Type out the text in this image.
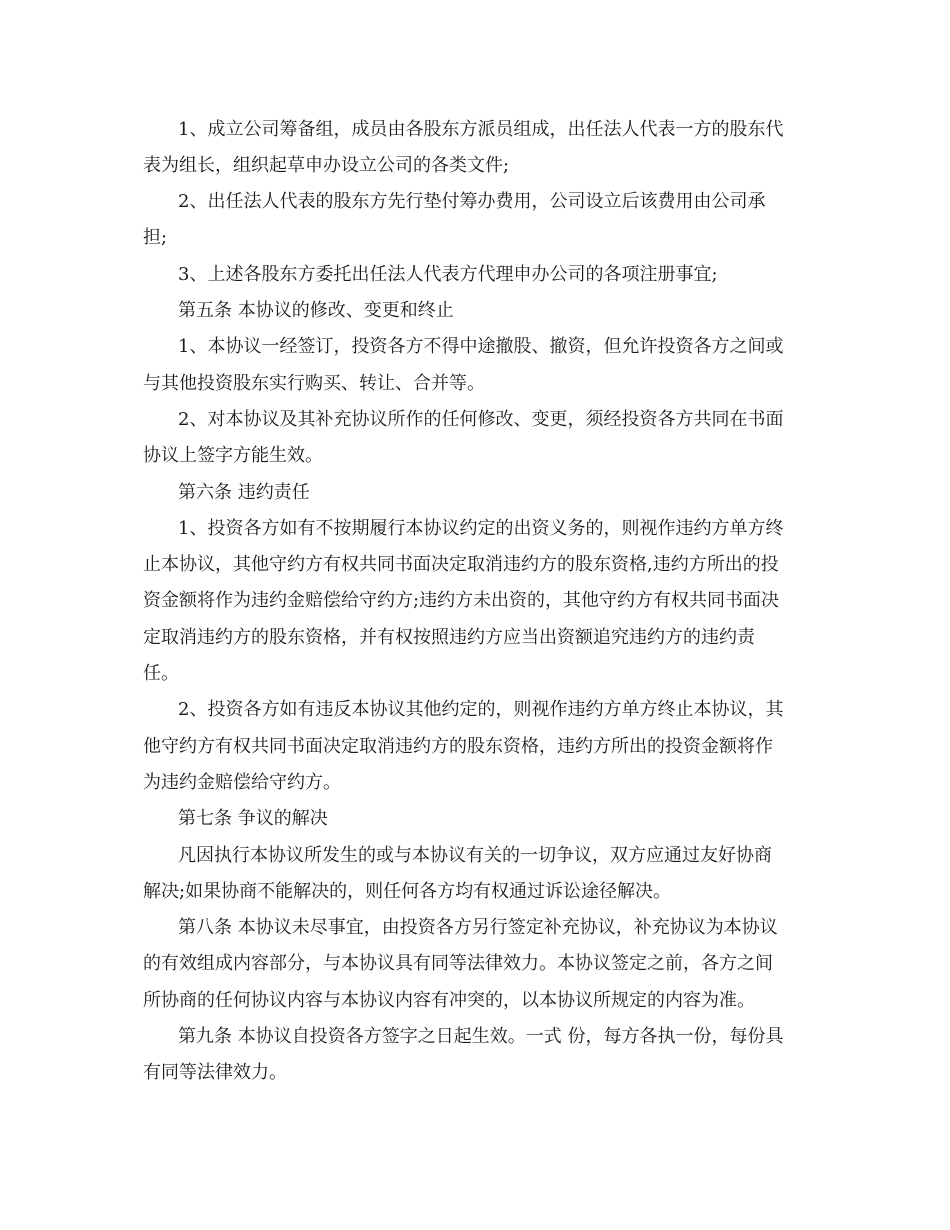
1、成立公司筹备组，成员由各股东方派员组成，出任法人代表一方的股东代

表为组长，组织起草申办设立公司的各类文件;

2、出任法人代表的股东方先行垫付筹办费用，公司设立后该费用由公司承

担;

3、上述各股东方委托出任法人代表方代理申办公司的各项注册事宜;

第五条 本协议的修改、变更和终止

1、本协议一经签订，投资各方不得中途撤股、撤资，但允许投资各方之间或

与其他投资股东实行购买、转让、合并等。

2、对本协议及其补充协议所作的任何修改、变更，须经投资各方共同在书面

协议上签字方能生效。

第六条 违约责任

1、投资各方如有不按期履行本协议约定的出资义务的，则视作违约方单方终

止本协议，其他守约方有权共同书面决定取消违约方的股东资格,违约方所出的投

资金额将作为违约金赔偿给守约方;违约方未出资的，其他守约方有权共同书面决

定取消违约方的股东资格，并有权按照违约方应当出资额追究违约方的违约责

任。

2、投资各方如有违反本协议其他约定的，则视作违约方单方终止本协议，其

他守约方有权共同书面决定取消违约方的股东资格，违约方所出的投资金额将作

为违约金赔偿给守约方。

第七条 争议的解决

凡因执行本协议所发生的或与本协议有关的一切争议，双方应通过友好协商

解决;如果协商不能解决的，则任何各方均有权通过诉讼途径解决。

第八条 本协议未尽事宜，由投资各方另行签定补充协议，补充协议为本协议

的有效组成内容部分，与本协议具有同等法律效力。本协议签定之前，各方之间

所协商的任何协议内容与本协议内容有冲突的，以本协议所规定的内容为准。

第九条 本协议自投资各方签字之日起生效。一式 份，每方各执一份，每份具

有同等法律效力。
